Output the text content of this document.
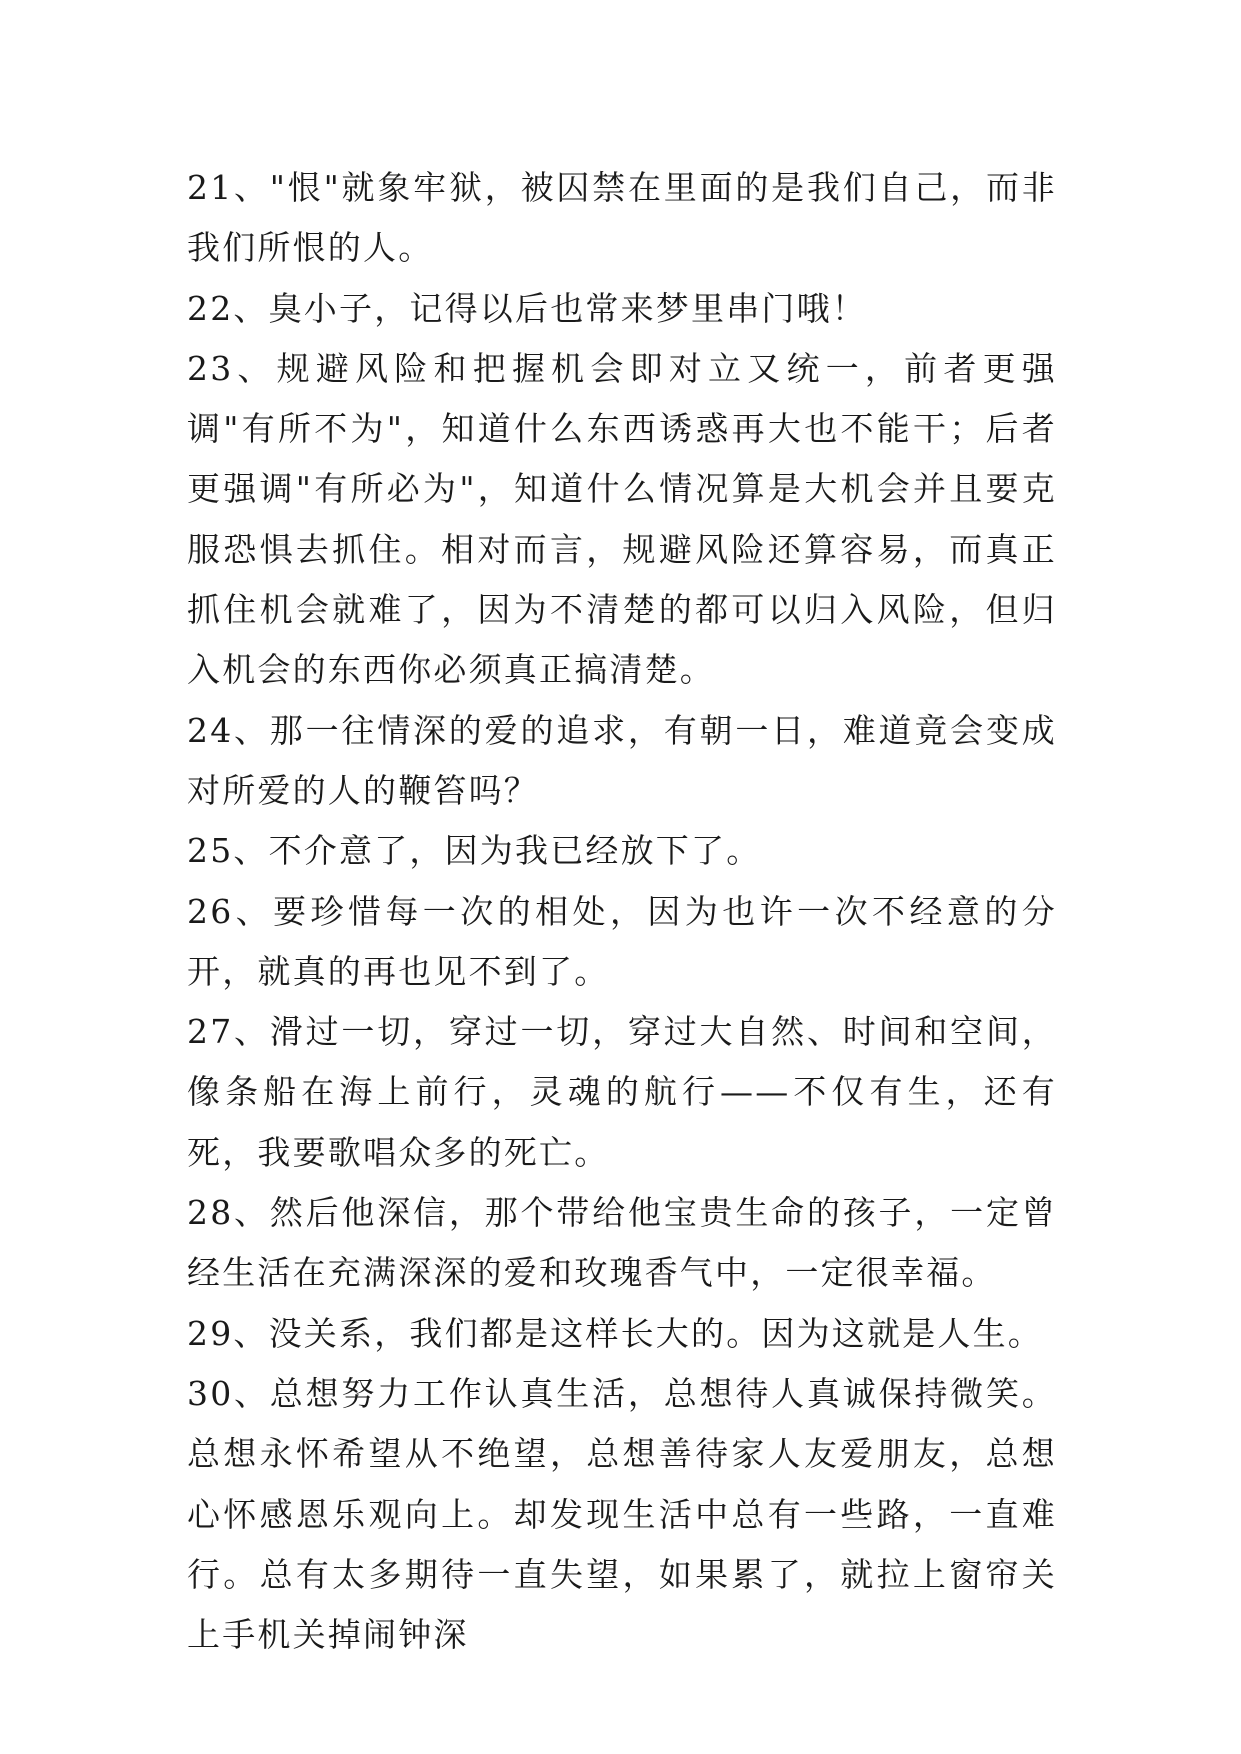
21、"恨"就象牢狱，被囚禁在里面的是我们自己，而非我们所恨的人。

22、臭小子，记得以后也常来梦里串门哦！

23、规避风险和把握机会即对立又统一，前者更强调"有所不为"，知道什么东西诱惑再大也不能干；后者更强调"有所必为"，知道什么情况算是大机会并且要克服恐惧去抓住。相对而言，规避风险还算容易，而真正抓住机会就难了，因为不清楚的都可以归入风险，但归入机会的东西你必须真正搞清楚。

24、那一往情深的爱的追求，有朝一日，难道竟会变成对所爱的人的鞭笞吗？

25、不介意了，因为我已经放下了。

26、要珍惜每一次的相处，因为也许一次不经意的分开，就真的再也见不到了。

27、滑过一切，穿过一切，穿过大自然、时间和空间，像条船在海上前行，灵魂的航行——不仅有生，还有死，我要歌唱众多的死亡。

28、然后他深信，那个带给他宝贵生命的孩子，一定曾经生活在充满深深的爱和玫瑰香气中，一定很幸福。

29、没关系，我们都是这样长大的。因为这就是人生。

30、总想努力工作认真生活，总想待人真诚保持微笑。总想永怀希望从不绝望，总想善待家人友爱朋友，总想心怀感恩乐观向上。却发现生活中总有一些路，一直难行。总有太多期待一直失望，如果累了，就拉上窗帘关上手机关掉闹钟深
